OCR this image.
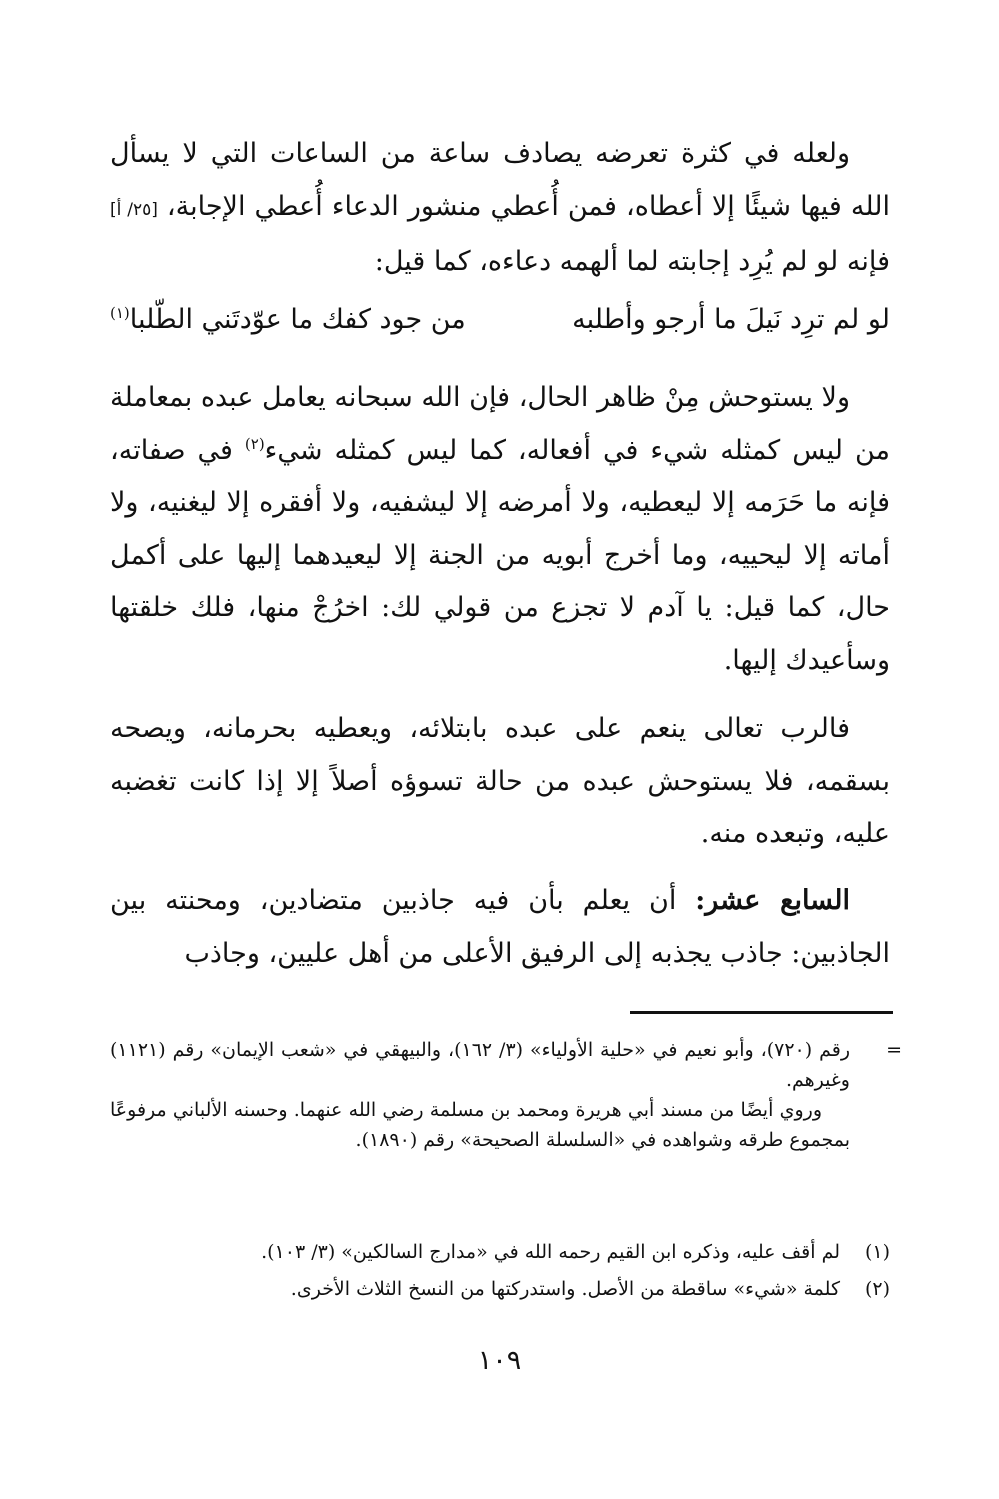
ولعله في كثرة تعرضه يصادف ساعة من الساعات التي لا يسأل الله فيها شيئًا إلا أعطاه، فمن أُعطي منشور الدعاء أُعطي الإجابة، [٢٥/ أ] فإنه لو لم يُرِد إجابته لما ألهمه دعاءه، كما قيل:

لو لم ترِد نَيلَ ما أرجو وأطلبه
من جود كفك ما عوّدتَني الطّلبا$^{(١)}$

ولا يستوحش مِنْ ظاهر الحال، فإن الله سبحانه يعامل عبده بمعاملة من ليس كمثله شيء في أفعاله، كما ليس كمثله شيء$^{(٢)}$ في صفاته، فإنه ما حَرَمه إلا ليعطيه، ولا أمرضه إلا ليشفيه، ولا أفقره إلا ليغنيه، ولا أماته إلا ليحييه، وما أخرج أبويه من الجنة إلا ليعيدهما إليها على أكمل حال، كما قيل: يا آدم لا تجزع من قولي لك: اخرُجْ منها، فلك خلقتها وسأعيدك إليها.

فالرب تعالى ينعم على عبده بابتلائه، ويعطيه بحرمانه، ويصحه بسقمه، فلا يستوحش عبده من حالة تسوؤه أصلاً إلا إذا كانت تغضبه عليه، وتبعده منه.

السابع عشر: أن يعلم بأن فيه جاذبين متضادين، ومحنته بين الجاذبين: جاذب يجذبه إلى الرفيق الأعلى من أهل عليين، وجاذب

=

رقم (٧٢٠)، وأبو نعيم في «حلية الأولياء» (٣/ ١٦٢)، والبيهقي في «شعب الإيمان» رقم (١١٢١) وغيرهم.

وروي أيضًا من مسند أبي هريرة ومحمد بن مسلمة رضي الله عنهما. وحسنه الألباني مرفوعًا بمجموع طرقه وشواهده في «السلسلة الصحيحة» رقم (١٨٩٠).

(١)
لم أقف عليه، وذكره ابن القيم رحمه الله في «مدارج السالكين» (٣/ ١٠٣).
(٢)
كلمة «شيء» ساقطة من الأصل. واستدركتها من النسخ الثلاث الأخرى.
١٠٩
